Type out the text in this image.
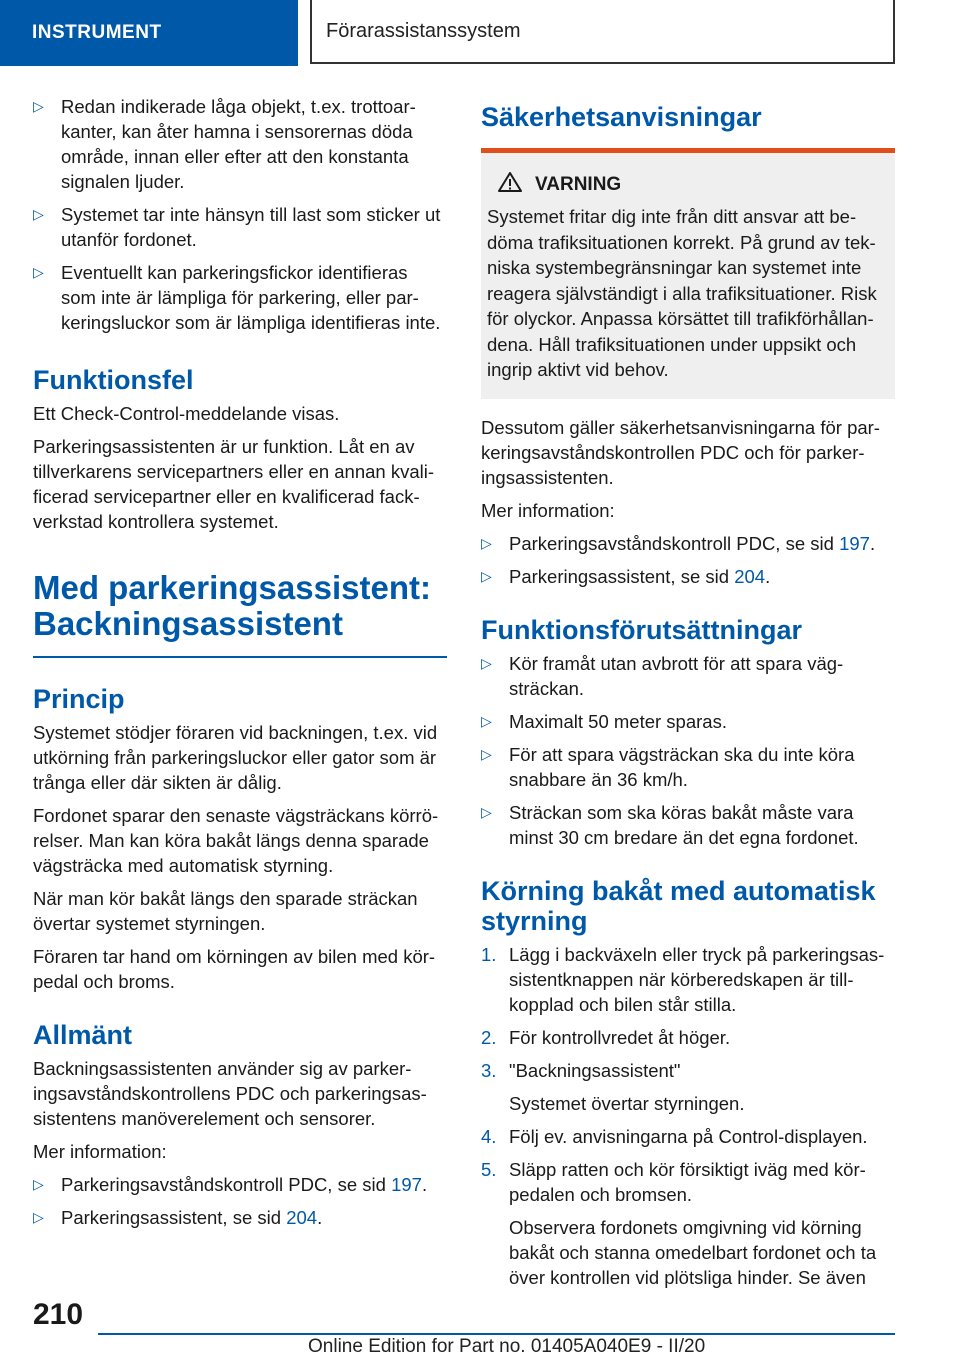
INSTRUMENT	Förarassistanssystem
▷ Redan indikerade låga objekt, t.ex. trottoar-kanter, kan åter hamna i sensorernas döda område, innan eller efter att den konstanta signalen ljuder.
▷ Systemet tar inte hänsyn till last som sticker ut utanför fordonet.
▷ Eventuellt kan parkeringsfickor identifieras som inte är lämpliga för parkering, eller par-keringsluckor som är lämpliga identifieras inte.
Funktionsfel

Ett Check-Control-meddelande visas.

Parkeringsassistenten är ur funktion. Låt en av tillverkarens servicepartners eller en annan kvali-ficerad servicepartner eller en kvalificerad fack-verkstad kontrollera systemet.

Med parkeringsassistent:
Backningsassistent
Princip

Systemet stödjer föraren vid backningen, t.ex. vid utkörning från parkeringsluckor eller gator som är trånga eller där sikten är dålig.

Fordonet sparar den senaste vägsträckans körrö-relser. Man kan köra bakåt längs denna sparade vägsträcka med automatisk styrning.

När man kör bakåt längs den sparade sträckan övertar systemet styrningen.

Föraren tar hand om körningen av bilen med kör-pedal och broms.

Allmänt

Backningsassistenten använder sig av parker-ingsavståndskontrollens PDC och parkeringsas-sistentens manöverelement och sensorer.

Mer information:

▷ Parkeringsavståndskontroll PDC, se sid 197.
▷ Parkeringsassistent, se sid 204.
Säkerhetsanvisningar
VARNING
Systemet fritar dig inte från ditt ansvar att be-döma trafiksituationen korrekt. På grund av tek-niska systembegränsningar kan systemet inte reagera självständigt i alla trafiksituationer. Risk för olyckor. Anpassa körsättet till trafikförhållan-dena. Håll trafiksituationen under uppsikt och ingrip aktivt vid behov.

Dessutom gäller säkerhetsanvisningarna för par-keringsavståndskontrollen PDC och för parker-ingsassistenten.

Mer information:

▷ Parkeringsavståndskontroll PDC, se sid 197.
▷ Parkeringsassistent, se sid 204.
Funktionsförutsättningar
▷ Kör framåt utan avbrott för att spara väg-sträckan.
▷ Maximalt 50 meter sparas.
▷ För att spara vägsträckan ska du inte köra snabbare än 36 km/h.
▷ Sträckan som ska köras bakåt måste vara minst 30 cm bredare än det egna fordonet.
Körning bakåt med automatisk
styrning
1. Lägg i backväxeln eller tryck på parkeringsas-sistentknappen när körberedskapen är till-kopplad och bilen står stilla.
2. För kontrollvredet åt höger.
3. "Backningsassistent"
Systemet övertar styrningen.
4. Följ ev. anvisningarna på Control-displayen.
5. Släpp ratten och kör försiktigt iväg med kör-pedalen och bromsen.
Observera fordonets omgivning vid körning bakåt och stanna omedelbart fordonet och ta över kontrollen vid plötsliga hinder. Se även
210
Online Edition for Part no. 01405A040E9 - II/20
